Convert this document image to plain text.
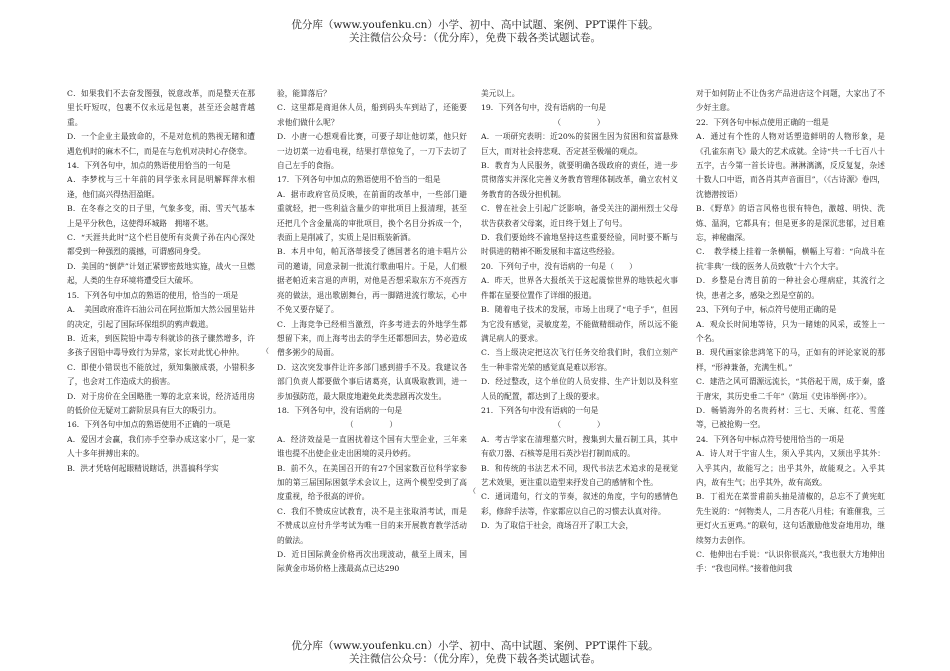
优分库（www.youfenku.cn）小学、初中、高中试题、案例、PPT课件下载。
关注微信公众号：（优分库），免费下载各类试题试卷。

C．如果我们不去奋发图强，锐意改革，而是整天在那里长吁短叹，包裹不仅永远是包裹，甚至还会越背越重。

D．一个企业主最致命的，不是对危机的熟视无睹和遭遇危机时的麻木不仁，而是在与危机对决时心存侥幸。

14．下列各句中，加点的熟语使用恰当的一句是

A．李梦枕与三十年前的同学张永同昆明解晖萍水相逢，他们高兴得热泪盈眶。

B．在冬春之交的日子里，气象多变，雨、雪天气基本上是平分秋色，这使得环城路　拥堵不堪。

C．“天涯共此时”这个栏目使所有炎黄子孙在内心深处都受到一种强烈的震撼，可谓感同身受。

D．美国的“倒萨”计划正紧锣密鼓地实施，战火一旦燃起，人类的生存环境将遭受巨大破坏。

15．下列各句中加点的熟语的使用，恰当的一项是

A．　美国政府准许石油公司在阿拉斯加大然公园里钻井的决定，引起了国际环保组织的鸦声载道。

B．近来，到医院铅中毒专科就诊的孩子骤然增多，许多孩子因铅中毒导致行为异常，家长对此忧心仲仲。

C．即使小错误也不能放过，须知集腋成裘，小错积多了，也会对工作造成大的损害。

D．对于房价在全国略胜一筹的北京来说，经济适用房的低价位无疑对工薪阶层具有巨大的吸引力。

16．下列各句中加点的熟语使用不正确的一项是

A．爱因才会赢，我们亦手空拳办成这家小厂，是一家人十多年拼搏出来的。

B．洪才凭啥何起眼精说瞎话，洪喜搞科学实

验，能算落后？

C．这里都是商退休人员，船到码头车到站了，还能要求他们做什么呢？

D．小唐一心想观看比赛，可要子却让他切菜，他只好一边切菜一边看电视，结果打草惊兔了，一刀下去切了自己左手的食指。

17．下列各句中加点的熟语使用不恰当的一组是

A．据市政府官员反映，在前面的改革中，一些部门避重就轻，把一些利益含量少的审批项目上报清理，甚至还把几个含金量高的审批项目，换个名目分拆成一个，表面上是削减了，实质上是旧瓶装新酒。

B．本月中旬，帕瓦洛蒂接受了德国著名的迪卡唱片公司的邀请，同意录制一批流行歌曲唱片。于是，人们根据老帕近来言退的声明，对他是否想采取东方不亮西方亮的做法，退出歌剧舞台，再一脚踏进流行歌坛，心中不免又要存疑了。

C．上海竞争已经相当激烈，许多考进去的外地学生都想留下来，而上海考出去的学生还都想回去，势必造成僧多粥少的局面。

D．这次突发事件让许多部门感到措手不及。我建议各部门负责人都要做个事后诸葛亮，认真吸取教训，进一步加强防范，最大限度地避免此类悲剧再次发生。

18．下列各句中，没有语病的一句是

（　　　　）

A．经济效益是一直困扰着这个国有大型企业，三年来谁也提不出使企业走出困境的灵丹妙药。

B．前不久，在美国召开的有27个国家数百位科学家参加的第三届国际困氨学术会议上，这两个模型受到了高度重视，给予很高的评价。

C．我们不赞成应试教育，决不是主张取消考试，而是不赞成以应付升学考试为唯一目的来开展教育教学活动的做法。

D．近日国际黄金价格再次出现波动，截至上周末，国际黄金市场价格上涨最高点已达290

美元以上。

19．下列各句中，没有语病的一句是

（　　　　）

A．一项研究表明：近20%的贫困生因为贫困和贫富悬殊巨大，而对社会持悲观、否定甚至极端的观点。

B．教育为人民服务，就要明确各级政府的责任，进一步贯彻落实并深化完善义务教育管理体制改革，确立农村义务教育的各级分担机制。

C．曾在社会上引起广泛影响，备受关注的湖州烈士父母状告获救者父母案，近日终于划上了句号。

D．我们要始终不渝地坚持这些重要经验，同时要不断与时俱进的精神不断发展和丰富这些经验。

20．下列句子中，没有语病的一句是（　　）

A．昨天，世界各大报纸关于这起震惊世界的地铁起火事件都在显要位置作了详细的报道。

B．随着电子技术的发展，市场上出现了“电子手”，但因为它没有感觉，灵敏度差，不能做精细动作，所以远不能满足病人的要求。

C．当上级决定把这次飞行任务交给我们时，我们立刻产生一种非常光荣的感觉真是难以形容。

D．经过整改，这个单位的人员安排、生产计划以及科室人员的配置，都达到了上级的要求。

21．下列各句中没有语病的一句是

（　　　　）

A．考古学家在清理墓穴时，搜集到大量石制工具，其中有砍刀器、石核等是用石英沙岩打制而成的。

B．和传统的书法艺术不同，现代书法艺术追求的是视觉艺术效果，更注重以造型来抒发自己的感情和个性。

C．通词遣句，行文的节奏，叙述的角度，字句的感情色彩，修辞手法等，作家都应以自己的习惯去认真对待。

D．为了取信于社会，商场召开了职工大会，

对于如何防止不让伪劣产品进店这个问题，大家出了不少好主意。

22．下列各句中标点使用正确的一组是

A．通过有个性的人物对话塑造鲜明的人物形象，是《孔雀东南飞》最大的艺术成就。全诗“共一千七百八十五字，古今第一首长诗也。淋淋漓漓，反反复复，杂述十数人口中语，而各肖其声音面目”，（《古诗源》卷四，沈德潜按语）

B．《野草》的语言风格也很有特色，激越、明快、洗炼、温润，它都具有；但是更多的是深沉悲郁，过目难忘，神秘幽深。

C．　教学楼上挂着一条横幅，横幅上写着：“向战斗在抗‘非典’一线的医务人员致敬”十六个大字。

D．乡整是台湾目前的一种社会心理病症，其流行之快，患者之多，感染之烈是空前的。

23、下列句子中，标点符号使用正确的是

A．观众长时间地等待，只为一睹她的风采，或签上一个名。

B．现代画家徐悲鸿笔下的马，正如有的评论家说的那样，“形神兼备，充满生机。”

C．建浩之风可谓源远流长，“其俗起于周，成于秦，盛于唐宋，其历史垂二千年”（陈垣《史讳举例·序》）。

D．畅销海外的名贵药材：三七、天麻、红花、雪莲等，已被抢购一空。

24．下列各句中标点符号使用恰当的一项是

A．诗人对于宇宙人生，须入乎其内，又须出乎其外：入乎其内，故能写之；出乎其外，故能观之。入乎其内，故有生气；出乎其外，故有高致。

B．丁祖光在菜誉甫前头抽是清椒的，总忘不了黄宪虹先生说的：“何物类人，二月杏花八月桂；有谁催我，三更灯火五更鸡。”的联句，这句话激励他发奋地用功，继续努力去创作。

C．他伸出右手说：“认识你很高兴，”我也很大方地伸出手：“我也同样。”接着他问我

（
（
优分库（www.youfenku.cn）小学、初中、高中试题、案例、PPT课件下载。
关注微信公众号：（优分库），免费下载各类试题试卷。
